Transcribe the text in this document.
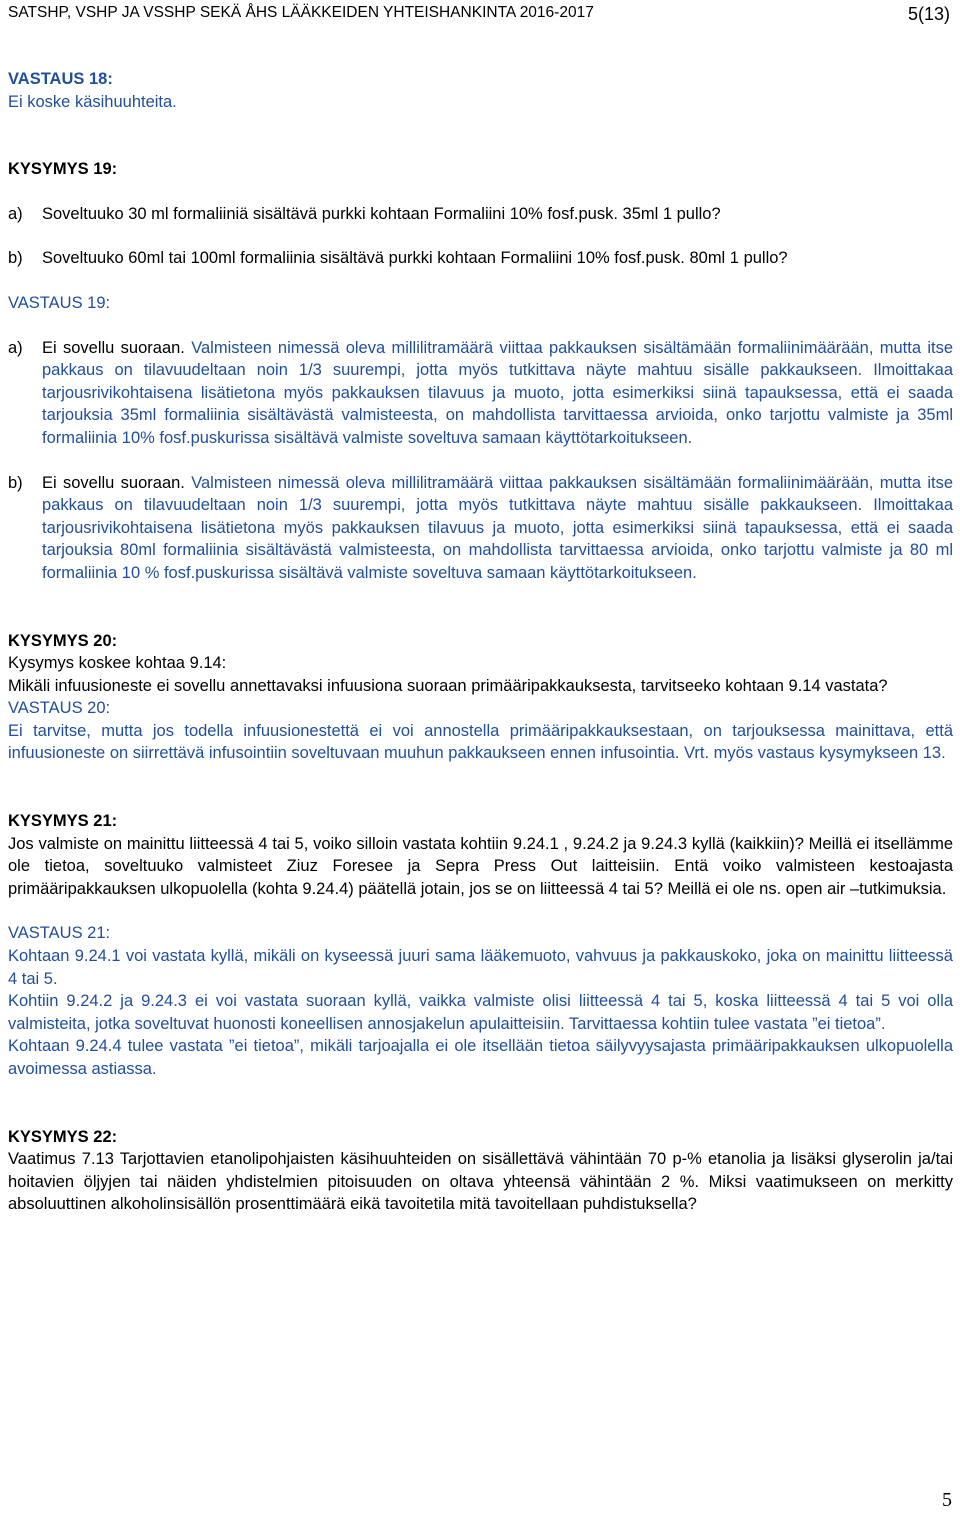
SATSHP, VSHP JA VSSHP SEKÄ ÅHS LÄÄKKEIDEN YHTEISHANKINTA 2016-2017	5(13)

VASTAUS 18:

Ei koske käsihuuhteita.

KYSYMYS 19:

a)	Soveltuuko 30 ml formaliiniä sisältävä purkki kohtaan Formaliini 10% fosf.pusk. 35ml 1 pullo?
b)	Soveltuuko 60ml tai 100ml formaliinia sisältävä purkki kohtaan Formaliini 10% fosf.pusk. 80ml 1 pullo?

VASTAUS 19:

a)	Ei sovellu suoraan. Valmisteen nimessä oleva millilitramäärä viittaa pakkauksen sisältämään formaliinimäärään, mutta itse pakkaus on tilavuudeltaan noin 1/3 suurempi, jotta myös tutkittava näyte mahtuu sisälle pakkaukseen. Ilmoittakaa tarjousrivikohtaisena lisätietona myös pakkauksen tilavuus ja muoto, jotta esimerkiksi siinä tapauksessa, että ei saada tarjouksia 35ml formaliinia sisältävästä valmisteesta, on mahdollista tarvittaessa arvioida, onko tarjottu valmiste ja 35ml formaliinia 10% fosf.puskurissa sisältävä valmiste soveltuva samaan käyttötarkoitukseen.

b)	Ei sovellu suoraan. Valmisteen nimessä oleva millilitramäärä viittaa pakkauksen sisältämään formaliinimäärään, mutta itse pakkaus on tilavuudeltaan noin 1/3 suurempi, jotta myös tutkittava näyte mahtuu sisälle pakkaukseen. Ilmoittakaa tarjousrivikohtaisena lisätietona myös pakkauksen tilavuus ja muoto, jotta esimerkiksi siinä tapauksessa, että ei saada tarjouksia 80ml formaliinia sisältävästä valmisteesta, on mahdollista tarvittaessa arvioida, onko tarjottu valmiste ja 80 ml formaliinia 10 % fosf.puskurissa sisältävä valmiste soveltuva samaan käyttötarkoitukseen.

KYSYMYS 20:

Kysymys koskee kohtaa 9.14:

Mikäli infuusioneste ei sovellu annettavaksi infuusiona suoraan primääripakkauksesta, tarvitseeko kohtaan 9.14 vastata?

VASTAUS 20:

Ei tarvitse, mutta jos todella infuusionestettä ei voi annostella primääripakkauksestaan, on tarjouksessa mainittava, että infuusioneste on siirrettävä infusointiin soveltuvaan muuhun pakkaukseen ennen infusointia. Vrt. myös vastaus kysymykseen 13.

KYSYMYS 21:

Jos valmiste on mainittu liitteessä 4 tai 5, voiko silloin vastata kohtiin 9.24.1 , 9.24.2 ja 9.24.3 kyllä (kaikkiin)? Meillä ei itsellämme ole tietoa, soveltuuko valmisteet Ziuz Foresee ja Sepra Press Out laitteisiin. Entä voiko valmisteen kestoajasta primääripakkauksen ulkopuolella (kohta 9.24.4) päätellä jotain, jos se on liitteessä 4 tai 5? Meillä ei ole ns. open air –tutkimuksia.

VASTAUS 21:

Kohtaan 9.24.1 voi vastata kyllä, mikäli on kyseessä juuri sama lääkemuoto, vahvuus ja pakkauskoko, joka on mainittu liitteessä 4 tai 5.

Kohtiin 9.24.2 ja 9.24.3 ei voi vastata suoraan kyllä, vaikka valmiste olisi liitteessä 4 tai 5, koska liitteessä 4 tai 5 voi olla valmisteita, jotka soveltuvat huonosti koneellisen annosjakelun apulaitteisiin. Tarvittaessa kohtiin tulee vastata ”ei tietoa”.

Kohtaan 9.24.4 tulee vastata ”ei tietoa”, mikäli tarjoajalla ei ole itsellään tietoa säilyvyysajasta primääripakkauksen ulkopuolella avoimessa astiassa.

KYSYMYS 22:

Vaatimus 7.13 Tarjottavien etanolipohjaisten käsihuuhteiden on sisällettävä vähintään 70 p-% etanolia ja lisäksi glyserolin ja/tai hoitavien öljyjen tai näiden yhdistelmien pitoisuuden on oltava yhteensä vähintään 2 %. Miksi vaatimukseen on merkitty absoluuttinen alkoholinsisällön prosenttimäärä eikä tavoitetila mitä tavoitellaan puhdistuksella?

5
